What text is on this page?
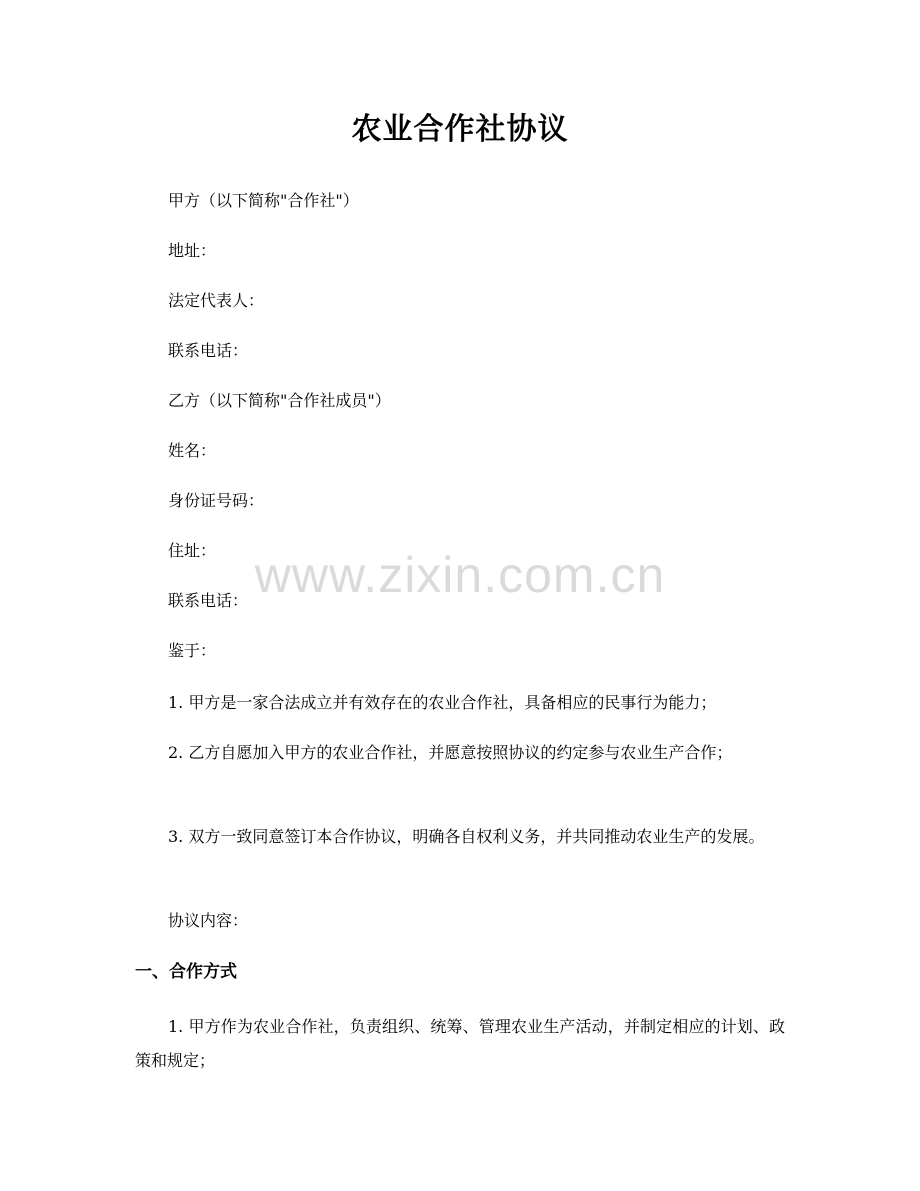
农业合作社协议
甲方（以下简称"合作社"）
地址：
法定代表人：
联系电话：
乙方（以下简称"合作社成员"）
姓名：
身份证号码：
住址：
联系电话：
鉴于：
1. 甲方是一家合法成立并有效存在的农业合作社，具备相应的民事行为能力；
2. 乙方自愿加入甲方的农业合作社，并愿意按照协议的约定参与农业生产合作；
3. 双方一致同意签订本合作协议，明确各自权利义务，并共同推动农业生产的发展。
协议内容：
一、合作方式
1. 甲方作为农业合作社，负责组织、统筹、管理农业生产活动，并制定相应的计划、政策和规定；
www.zixin.com.cn
